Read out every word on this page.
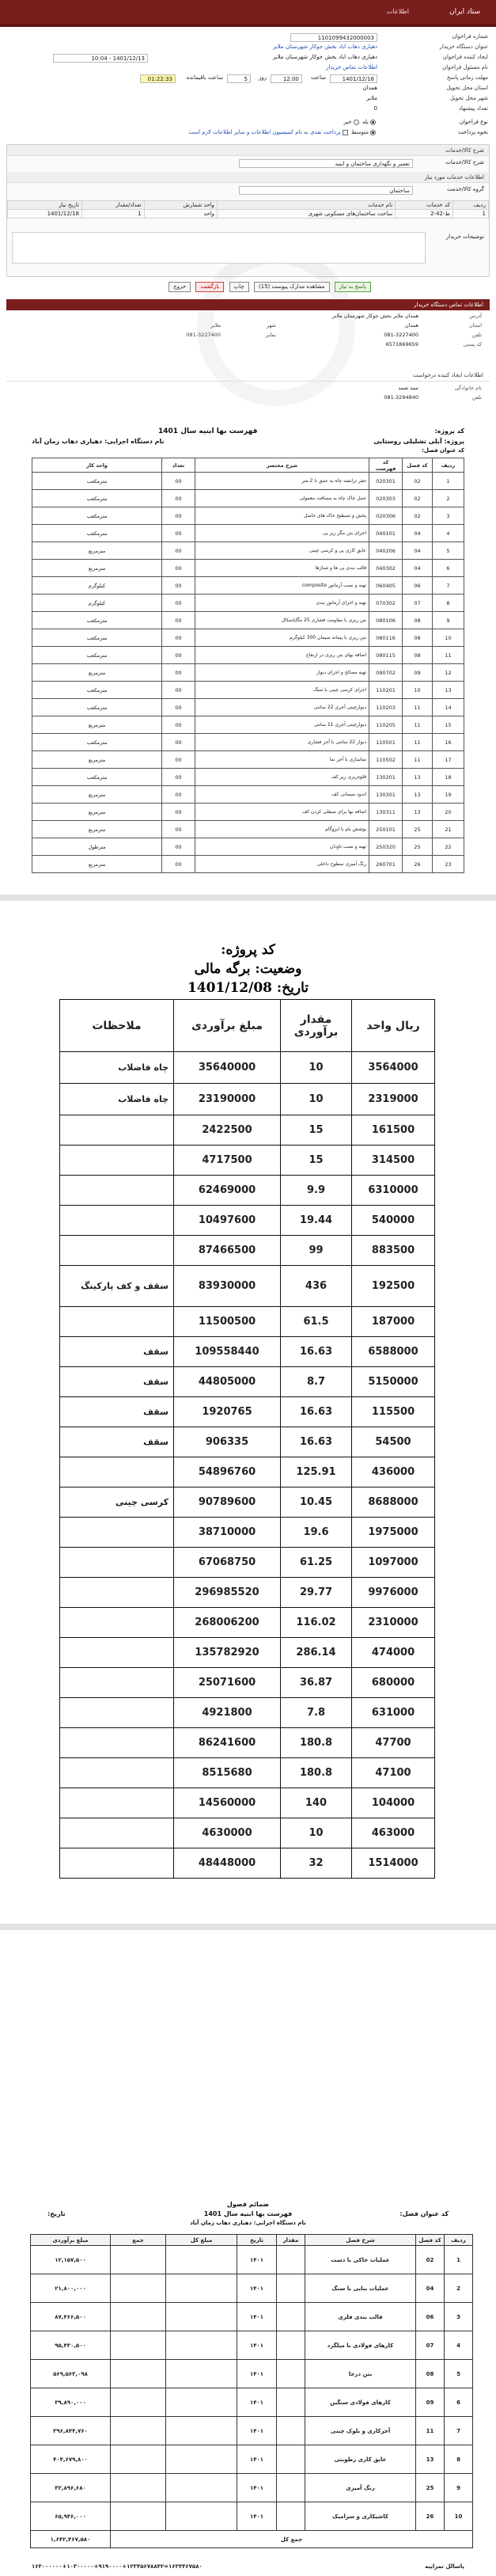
ستاد ایران
اطلاعات
شماره فراخوان
1101099432000003
عنوان دستگاه خریدار
دهیاری دهاب اباد بخش جوکار شهرستان ملایر
ایجاد کننده فراخوان
دهیاری دهاب اباد بخش جوکار شهرستان ملایر
1401/12/13 - 10:04
نام مسئول فراخوان
اطلاعات تماس خریدار
مهلت زمانی پاسخ
1401/12/18
ساعت
12:00
روز
5
ساعت باقیمانده
01:22:33
استان محل تحویل
همدان
شهر محل تحویل
ملایر
تعداد پیشنهاد
0
نوع فراخوان
بله خیر
نحوه پرداخت
متوسط پرداخت نقدی به نام کمیسیون اطلاعات و سایر اطلاعات لازم است
شرح کالا/خدمات
شرح کالا/خدمات
تعمیر و نگهداری ساختمان و ابنیه
اطلاعات خدمات مورد نیاز
گروه کالا/خدمت
ساختمان
ردیف	کد خدمات	نام خدمات	واحد شمارش	تعداد/مقدار	تاریخ نیاز
1	ط-42-2	ساخت ساختمان‌های مسکونی شهری	واحد	1	1401/12/18
توضیحات خریدار
پاسخ به نیاز مشاهده مدارک پیوست (15) چاپ بازگشت خروج
اطلاعات تماس دستگاه خریدار
آدرس
همدان ملایر بخش جوکار شهرستان ملایر
استان
همدان
شهر
ملایر
تلفن
081-3227400
نمابر
081-3227400
کد پستی
6571869659
اطلاعات ایجاد کننده درخواست
نام خانوادگی
سید صمد
تلفن
081-3294840
کد پروژه:
فهرست بها ابنیه سال 1401
پروژه: آبلی تشلیلی روستایی
نام دستگاه اجرایی: دهیاری دهاب زمان آباد
کد عنوان فصل:
ردیف	کد فصل	کد فهرست	شرح مختصر	تعداد	واحد کار
1	02	020301	حفر ترانشه چاه به عمق تا 2 متر	00	مترمکعب
2	02	020303	حمل خاک چاه به مسافت معمولی	00	مترمکعب
3	02	020306	پخش و تسطیح خاک های حاصل	00	مترمکعب
4	04	040101	اجرای بتن مگر زیر پی	00	مترمکعب
5	04	040206	عایق کاری پی و کرسی چینی	00	مترمربع
6	04	040302	قالب بندی پی ها و شناژها	00	مترمربع
7	06	060405	تهیه و نصب آرماتور composite	00	کیلوگرم
8	07	070302	تهیه و اجرای آرماتور بندی	00	کیلوگرم
9	08	080106	بتن ریزی با مقاومت فشاری 25 مگاپاسکال	00	مترمکعب
10	08	080116	بتن ریزی با پیمانه سیمان 300 کیلوگرم	00	مترمکعب
11	08	080115	اضافه بهای بتن ریزی در ارتفاع	00	مترمکعب
12	09	090702	تهیه مصالح و اجرای دیوار	00	مترمربع
13	10	110201	اجرای کرسی چینی با سنگ	00	مترمکعب
14	11	110203	دیوارچینی آجری 22 سانتی	00	مترمکعب
15	11	110205	دیوارچینی آجری 11 سانتی	00	مترمربع
16	11	110501	دیوار 22 سانتی با آجر فشاری	00	مترمکعب
17	11	110502	نماسازی با آجر نما	00	مترمربع
18	13	130201	قلوه‌ریزی زیر کف	00	مترمکعب
19	13	130301	اندود سیمانی کف	00	مترمربع
20	13	130311	اضافه بها برای صیقلی کردن کف	00	مترمربع
21	25	250101	پوشش بام با ایزوگام	00	مترمربع
22	25	250320	تهیه و نصب ناودان	00	مترطول
23	26	260701	رنگ آمیزی سطوح داخلی	00	مترمربع
کد پروژه:
وضعیت: برگه مالی
تاریخ: 1401/12/08
ریال واحد	مقدار برآوردی	مبلغ برآوردی	ملاحظات
3564000	10	35640000	چاه فاضلاب
2319000	10	23190000	چاه فاضلاب
161500	15	2422500	
314500	15	4717500	
6310000	9.9	62469000	
540000	19.44	10497600	
883500	99	87466500	
192500	436	83930000	سقف و کف پارکینگ
187000	61.5	11500500	
6588000	16.63	109558440	سقف
5150000	8.7	44805000	سقف
115500	16.63	1920765	سقف
54500	16.63	906335	سقف
436000	125.91	54896760	
8688000	10.45	90789600	کرسی چینی
1975000	19.6	38710000	
1097000	61.25	67068750	
9976000	29.77	296985520	
2310000	116.02	268006200	
474000	286.14	135782920	
680000	36.87	25071600	
631000	7.8	4921800	
47700	180.8	86241600	
47100	180.8	8515680	
104000	140	14560000	
463000	10	4630000	
1514000	32	48448000	
کد عنوان فصل:
ضمائم فصول
فهرست بها ابنیه سال 1401
نام دستگاه اجرایی: دهیاری دهاب زمان آباد
تاریخ:
ردیف	کد فصل	شرح فصل	مقدار	تاریخ	مبلغ کل	جمع	مبلغ برآوردی
1	02	عملیات خاکی با دست		۱۴۰۱			۱۲,۱۵۷,۵۰۰
2	04	عملیات بنایی با سنگ		۱۴۰۱			۲۱,۸۰۰,۰۰۰
3	06	قالب بندی فلزی		۱۴۰۱			۸۷,۴۶۶,۵۰۰
4	07	کارهای فولادی با میلگرد		۱۴۰۱			۹۵,۴۳۰,۵۰۰
5	08	بتن درجا		۱۴۰۱			۵۶۹,۵۶۳,۰۹۸
6	09	کارهای فولادی سنگین		۱۴۰۱			۳۹,۸۹۰,۰۰۰
7	11	آجرکاری و بلوک چینی		۱۴۰۱			۳۹۶,۸۴۴,۷۶۰
8	13	عایق کاری رطوبتی		۱۴۰۱			۴۰۴,۶۷۹,۸۰۰
9	25	رنگ آمیزی		۱۴۰۱			۳۲,۸۹۶,۶۸۰
10	26	کاشیکاری و سرامیک		۱۴۰۱			۶۵,۹۴۶,۰۰۰
جمع کل							۱,۶۴۲,۴۶۷,۵۸۰
۱۶۳۴۴۶۷۵۸۰=۱۶۳۰۰۰۰۰۰+۱۰۳۰۰۰۰۰+۹۱۹۰۰۰۰+۱۲۳۴۵۶۷۸۸۴۲	پاسالل تمراپیه
